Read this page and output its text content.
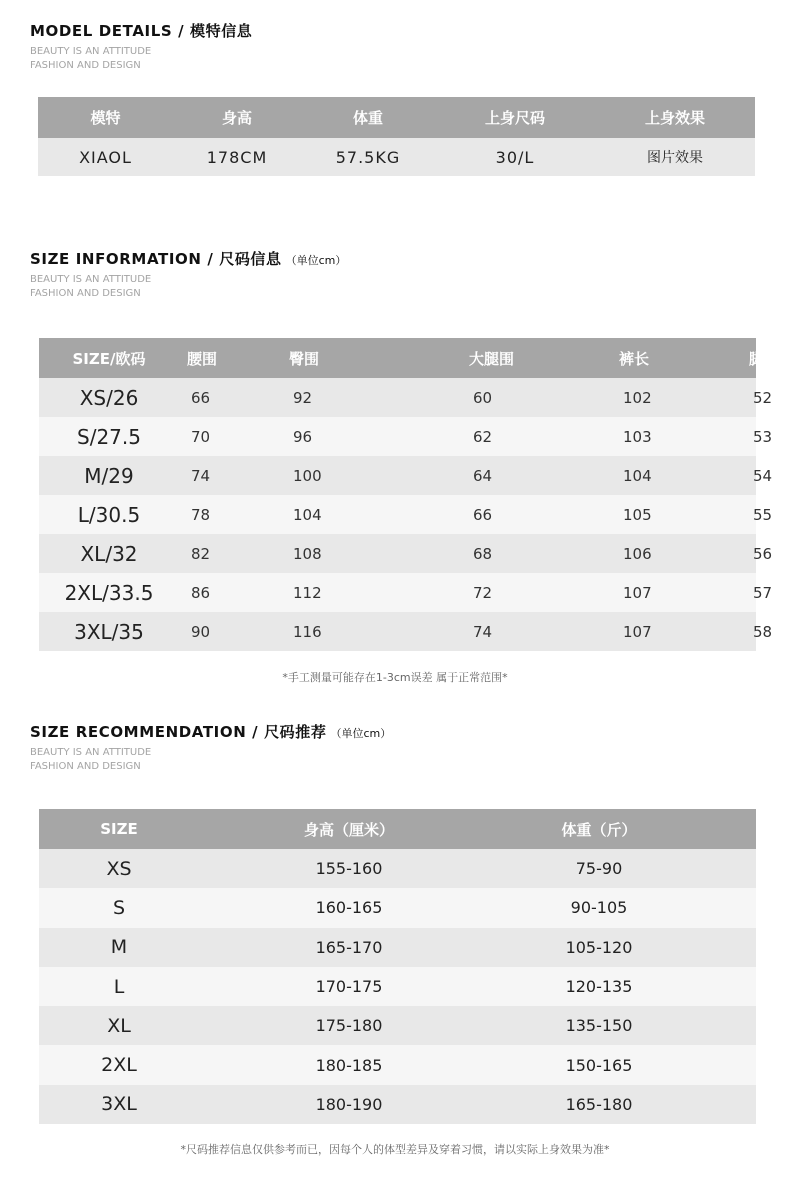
MODEL DETAILS / 模特信息
BEAUTY IS AN ATTITUDE
FASHION AND DESIGN
模特	身高	体重	上身尺码	上身效果
XIAOL	178CM	57.5KG	30/L	图片效果
SIZE INFORMATION / 尺码信息 （单位cm）
BEAUTY IS AN ATTITUDE
FASHION AND DESIGN
SIZE/欧码	腰围	臀围	大腿围	裤长	脚口
XS/26	66	92	60	102	52
S/27.5	70	96	62	103	53
M/29	74	100	64	104	54
L/30.5	78	104	66	105	55
XL/32	82	108	68	106	56
2XL/33.5	86	112	72	107	57
3XL/35	90	116	74	107	58
*手工测量可能存在1-3cm误差 属于正常范围*
SIZE RECOMMENDATION / 尺码推荐 （单位cm）
BEAUTY IS AN ATTITUDE
FASHION AND DESIGN
SIZE	身高（厘米）	体重（斤）
XS	155-160	75-90
S	160-165	90-105
M	165-170	105-120
L	170-175	120-135
XL	175-180	135-150
2XL	180-185	150-165
3XL	180-190	165-180
*尺码推荐信息仅供参考而已，因每个人的体型差异及穿着习惯，请以实际上身效果为准*
